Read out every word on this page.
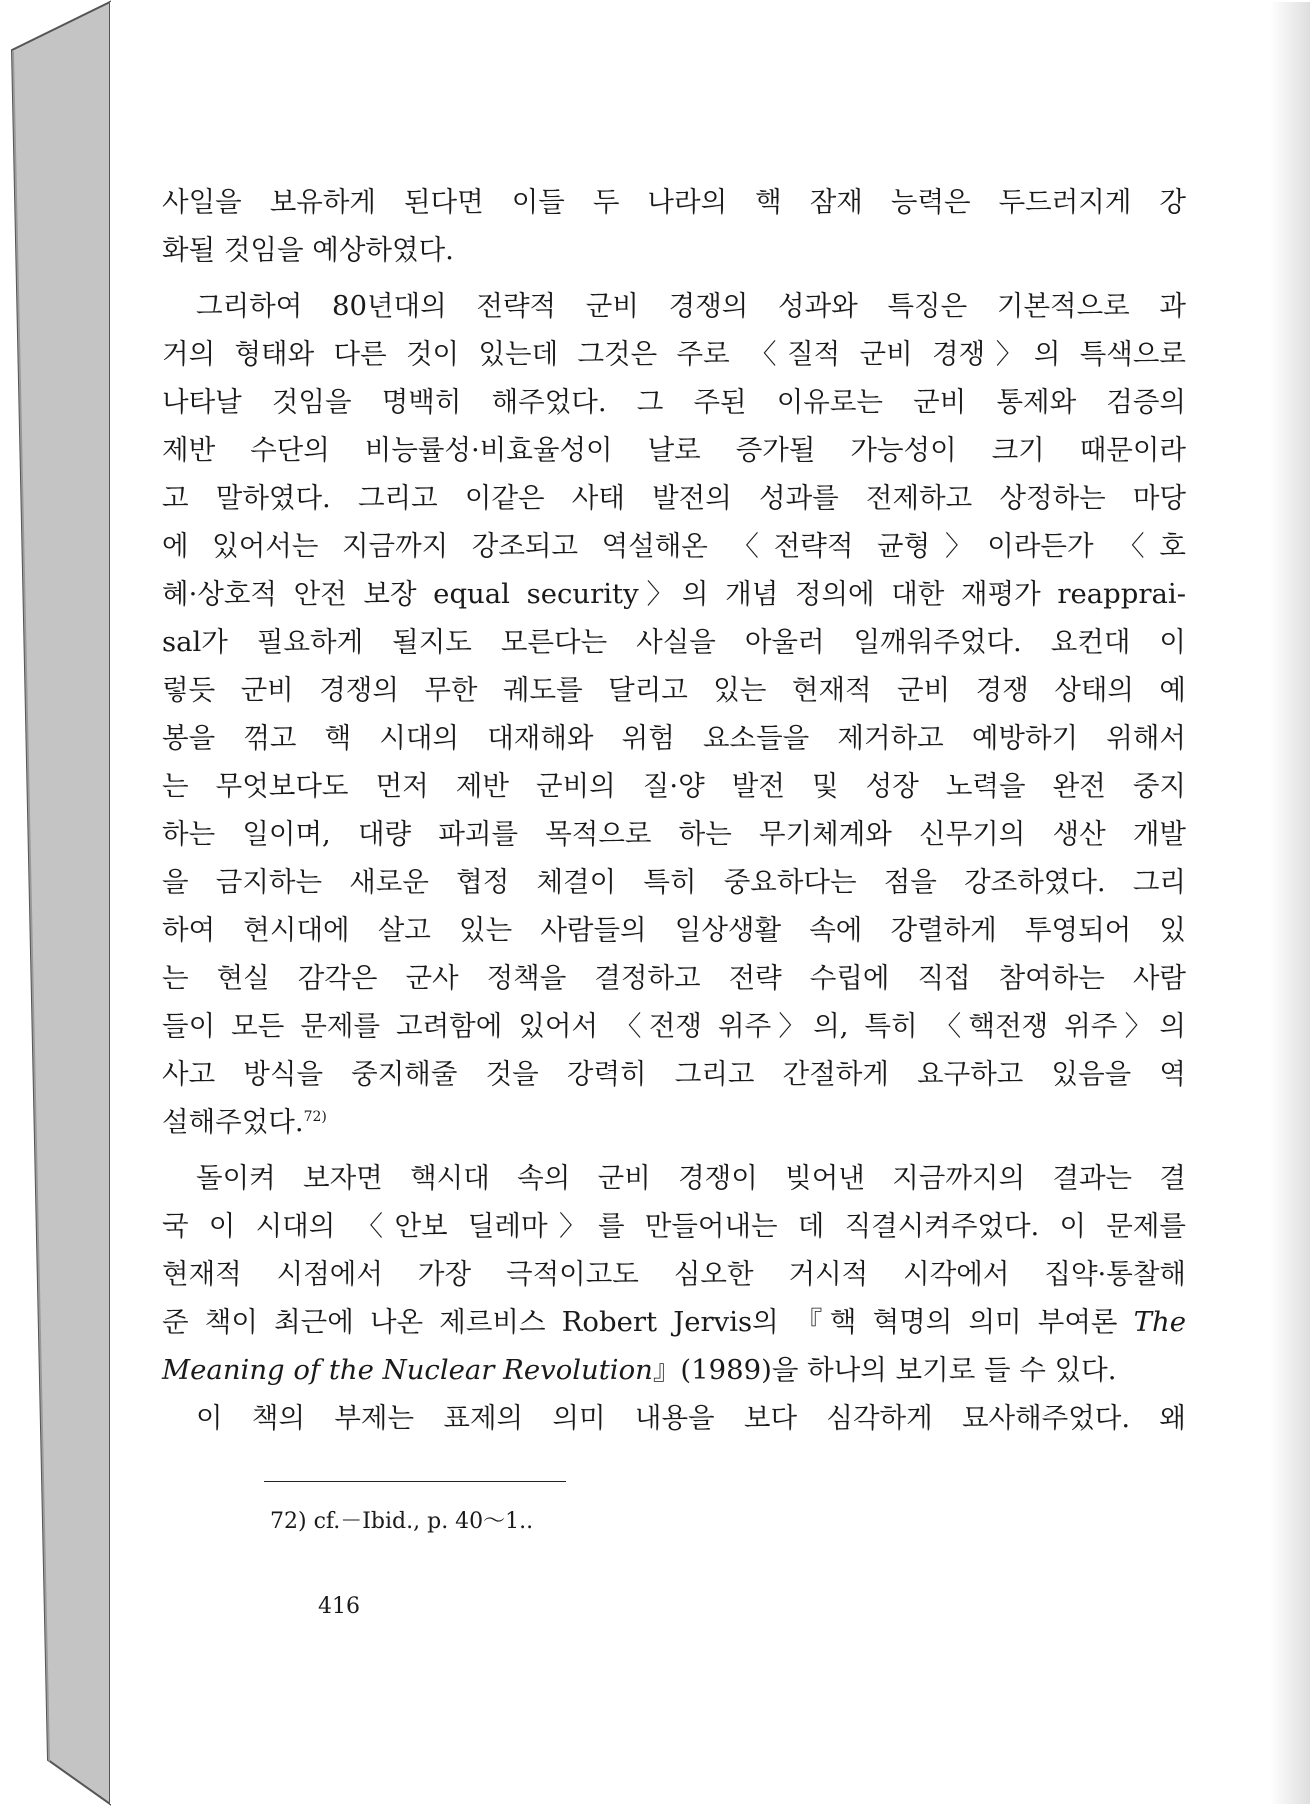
사일을 보유하게 된다면 이들 두 나라의 핵 잠재 능력은 두드러지게 강
화될 것임을 예상하였다.
그리하여 80년대의 전략적 군비 경쟁의 성과와 특징은 기본적으로 과
거의 형태와 다른 것이 있는데 그것은 주로 〈질적 군비 경쟁〉의 특색으로
나타날 것임을 명백히 해주었다. 그 주된 이유로는 군비 통제와 검증의
제반 수단의 비능률성·비효율성이 날로 증가될 가능성이 크기 때문이라
고 말하였다. 그리고 이같은 사태 발전의 성과를 전제하고 상정하는 마당
에 있어서는 지금까지 강조되고 역설해온 〈전략적 균형〉이라든가 〈호
혜·상호적 안전 보장 equal security〉의 개념 정의에 대한 재평가 reapprai-
sal가 필요하게 될지도 모른다는 사실을 아울러 일깨워주었다. 요컨대 이
렇듯 군비 경쟁의 무한 궤도를 달리고 있는 현재적 군비 경쟁 상태의 예
봉을 꺾고 핵 시대의 대재해와 위험 요소들을 제거하고 예방하기 위해서
는 무엇보다도 먼저 제반 군비의 질·양 발전 및 성장 노력을 완전 중지
하는 일이며, 대량 파괴를 목적으로 하는 무기체계와 신무기의 생산 개발
을 금지하는 새로운 협정 체결이 특히 중요하다는 점을 강조하였다. 그리
하여 현시대에 살고 있는 사람들의 일상생활 속에 강렬하게 투영되어 있
는 현실 감각은 군사 정책을 결정하고 전략 수립에 직접 참여하는 사람
들이 모든 문제를 고려함에 있어서 〈전쟁 위주〉의, 특히 〈핵전쟁 위주〉의
사고 방식을 중지해줄 것을 강력히 그리고 간절하게 요구하고 있음을 역
설해주었다.$^{72)}$
돌이켜 보자면 핵시대 속의 군비 경쟁이 빚어낸 지금까지의 결과는 결
국 이 시대의 〈안보 딜레마〉를 만들어내는 데 직결시켜주었다. 이 문제를
현재적 시점에서 가장 극적이고도 심오한 거시적 시각에서 집약·통찰해
준 책이 최근에 나온 제르비스 Robert Jervis의 『핵 혁명의 의미 부여론 The
Meaning of the Nuclear Revolution』(1989)을 하나의 보기로 들 수 있다.
이 책의 부제는 표제의 의미 내용을 보다 심각하게 묘사해주었다. 왜
72) cf.－Ibid., p. 40～1..
416
